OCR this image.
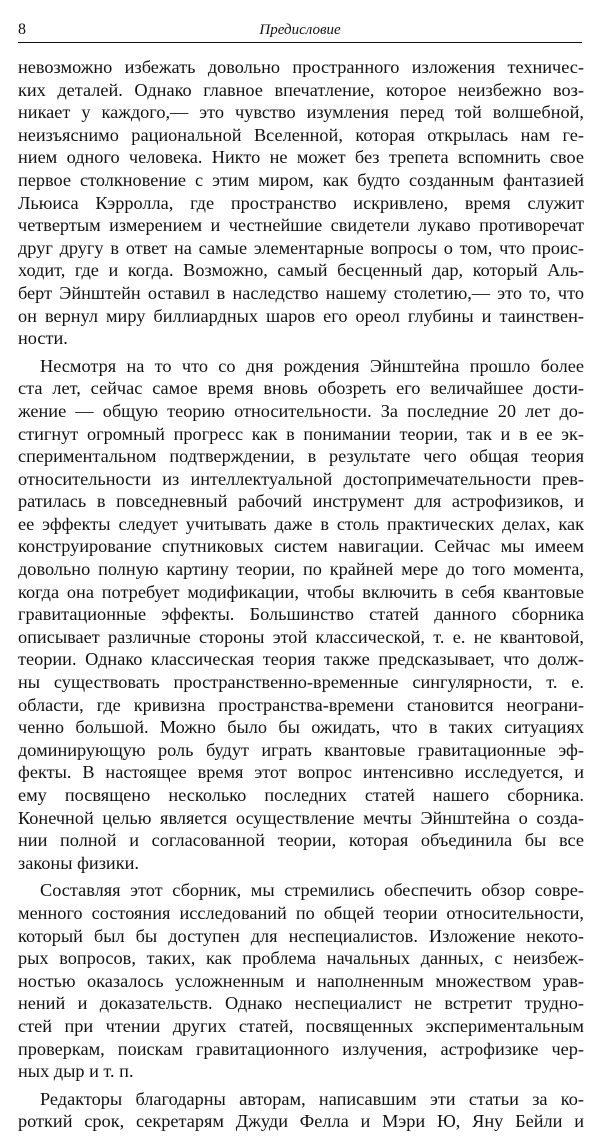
8	Предисловие
невозможно избежать довольно пространного изложения техничес-
ких деталей. Однако главное впечатление, которое неизбежно воз-
никает у каждого,— это чувство изумления перед той волшебной,
неизъяснимо рациональной Вселенной, которая открылась нам ге-
нием одного человека. Никто не может без трепета вспомнить свое
первое столкновение с этим миром, как будто созданным фантазией
Льюиса Кэрролла, где пространство искривлено, время служит
четвертым измерением и честнейшие свидетели лукаво противоречат
друг другу в ответ на самые элементарные вопросы о том, что проис-
ходит, где и когда. Возможно, самый бесценный дар, который Аль-
берт Эйнштейн оставил в наследство нашему столетию,— это то, что
он вернул миру биллиардных шаров его ореол глубины и таинствен-
ности.
Несмотря на то что со дня рождения Эйнштейна прошло более
ста лет, сейчас самое время вновь обозреть его величайшее дости-
жение — общую теорию относительности. За последние 20 лет до-
стигнут огромный прогресс как в понимании теории, так и в ее эк-
спериментальном подтверждении, в результате чего общая теория
относительности из интеллектуальной достопримечательности прев-
ратилась в повседневный рабочий инструмент для астрофизиков, и
ее эффекты следует учитывать даже в столь практических делах, как
конструирование спутниковых систем навигации. Сейчас мы имеем
довольно полную картину теории, по крайней мере до того момента,
когда она потребует модификации, чтобы включить в себя квантовые
гравитационные эффекты. Большинство статей данного сборника
описывает различные стороны этой классической, т. е. не квантовой,
теории. Однако классическая теория также предсказывает, что долж-
ны существовать пространственно-временные сингулярности, т. е.
области, где кривизна пространства-времени становится неограни-
ченно большой. Можно было бы ожидать, что в таких ситуациях
доминирующую роль будут играть квантовые гравитационные эф-
фекты. В настоящее время этот вопрос интенсивно исследуется, и
ему посвящено несколько последних статей нашего сборника.
Конечной целью является осуществление мечты Эйнштейна о созда-
нии полной и согласованной теории, которая объединила бы все
законы физики.
Составляя этот сборник, мы стремились обеспечить обзор совре-
менного состояния исследований по общей теории относительности,
который был бы доступен для неспециалистов. Изложение некото-
рых вопросов, таких, как проблема начальных данных, с неизбеж-
ностью оказалось усложненным и наполненным множеством урав-
нений и доказательств. Однако неспециалист не встретит трудно-
стей при чтении других статей, посвященных экспериментальным
проверкам, поискам гравитационного излучения, астрофизике чер-
ных дыр и т. п.
Редакторы благодарны авторам, написавшим эти статьи за ко-
роткий срок, секретарям Джуди Фелла и Мэри Ю, Яну Бейли и
